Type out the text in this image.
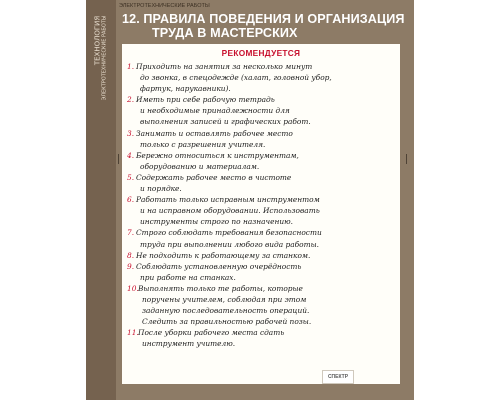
ТЕХНОЛОГИЯ ЭЛЕКТРОТЕХНИЧЕСКИЕ РАБОТЫ
ЭЛЕКТРОТЕХНИЧЕСКИЕ РАБОТЫ
12. ПРАВИЛА ПОВЕДЕНИЯ И ОРГАНИЗАЦИЯ
ТРУДА В МАСТЕРСКИХ
РЕКОМЕНДУЕТСЯ
1. Приходить на занятия за несколько минут
до звонка, в спецодежде (халат, головной убор,
фартук, нарукавники).
2. Иметь при себе рабочую тетрадь
и необходимые принадлежности для
выполнения записей и графических работ.
3. Занимать и оставлять рабочее место
только с разрешения учителя.
4. Бережно относиться к инструментам,
оборудованию и материалам.
5. Содержать рабочее место в чистоте
и порядке.
6. Работать только исправным инструментом
и на исправном оборудовании. Использовать
инструменты строго по назначению.
7. Строго соблюдать требования безопасности
труда при выполнении любого вида работы.
8. Не подходить к работающему за станком.
9. Соблюдать установленную очерёдность
при работе на станках.
10. Выполнять только те работы, которые
поручены учителем, соблюдая при этом
заданную последовательность операций.
Следить за правильностью рабочей позы.
11. После уборки рабочего места сдать
инструмент учителю.
СПЕКТР
